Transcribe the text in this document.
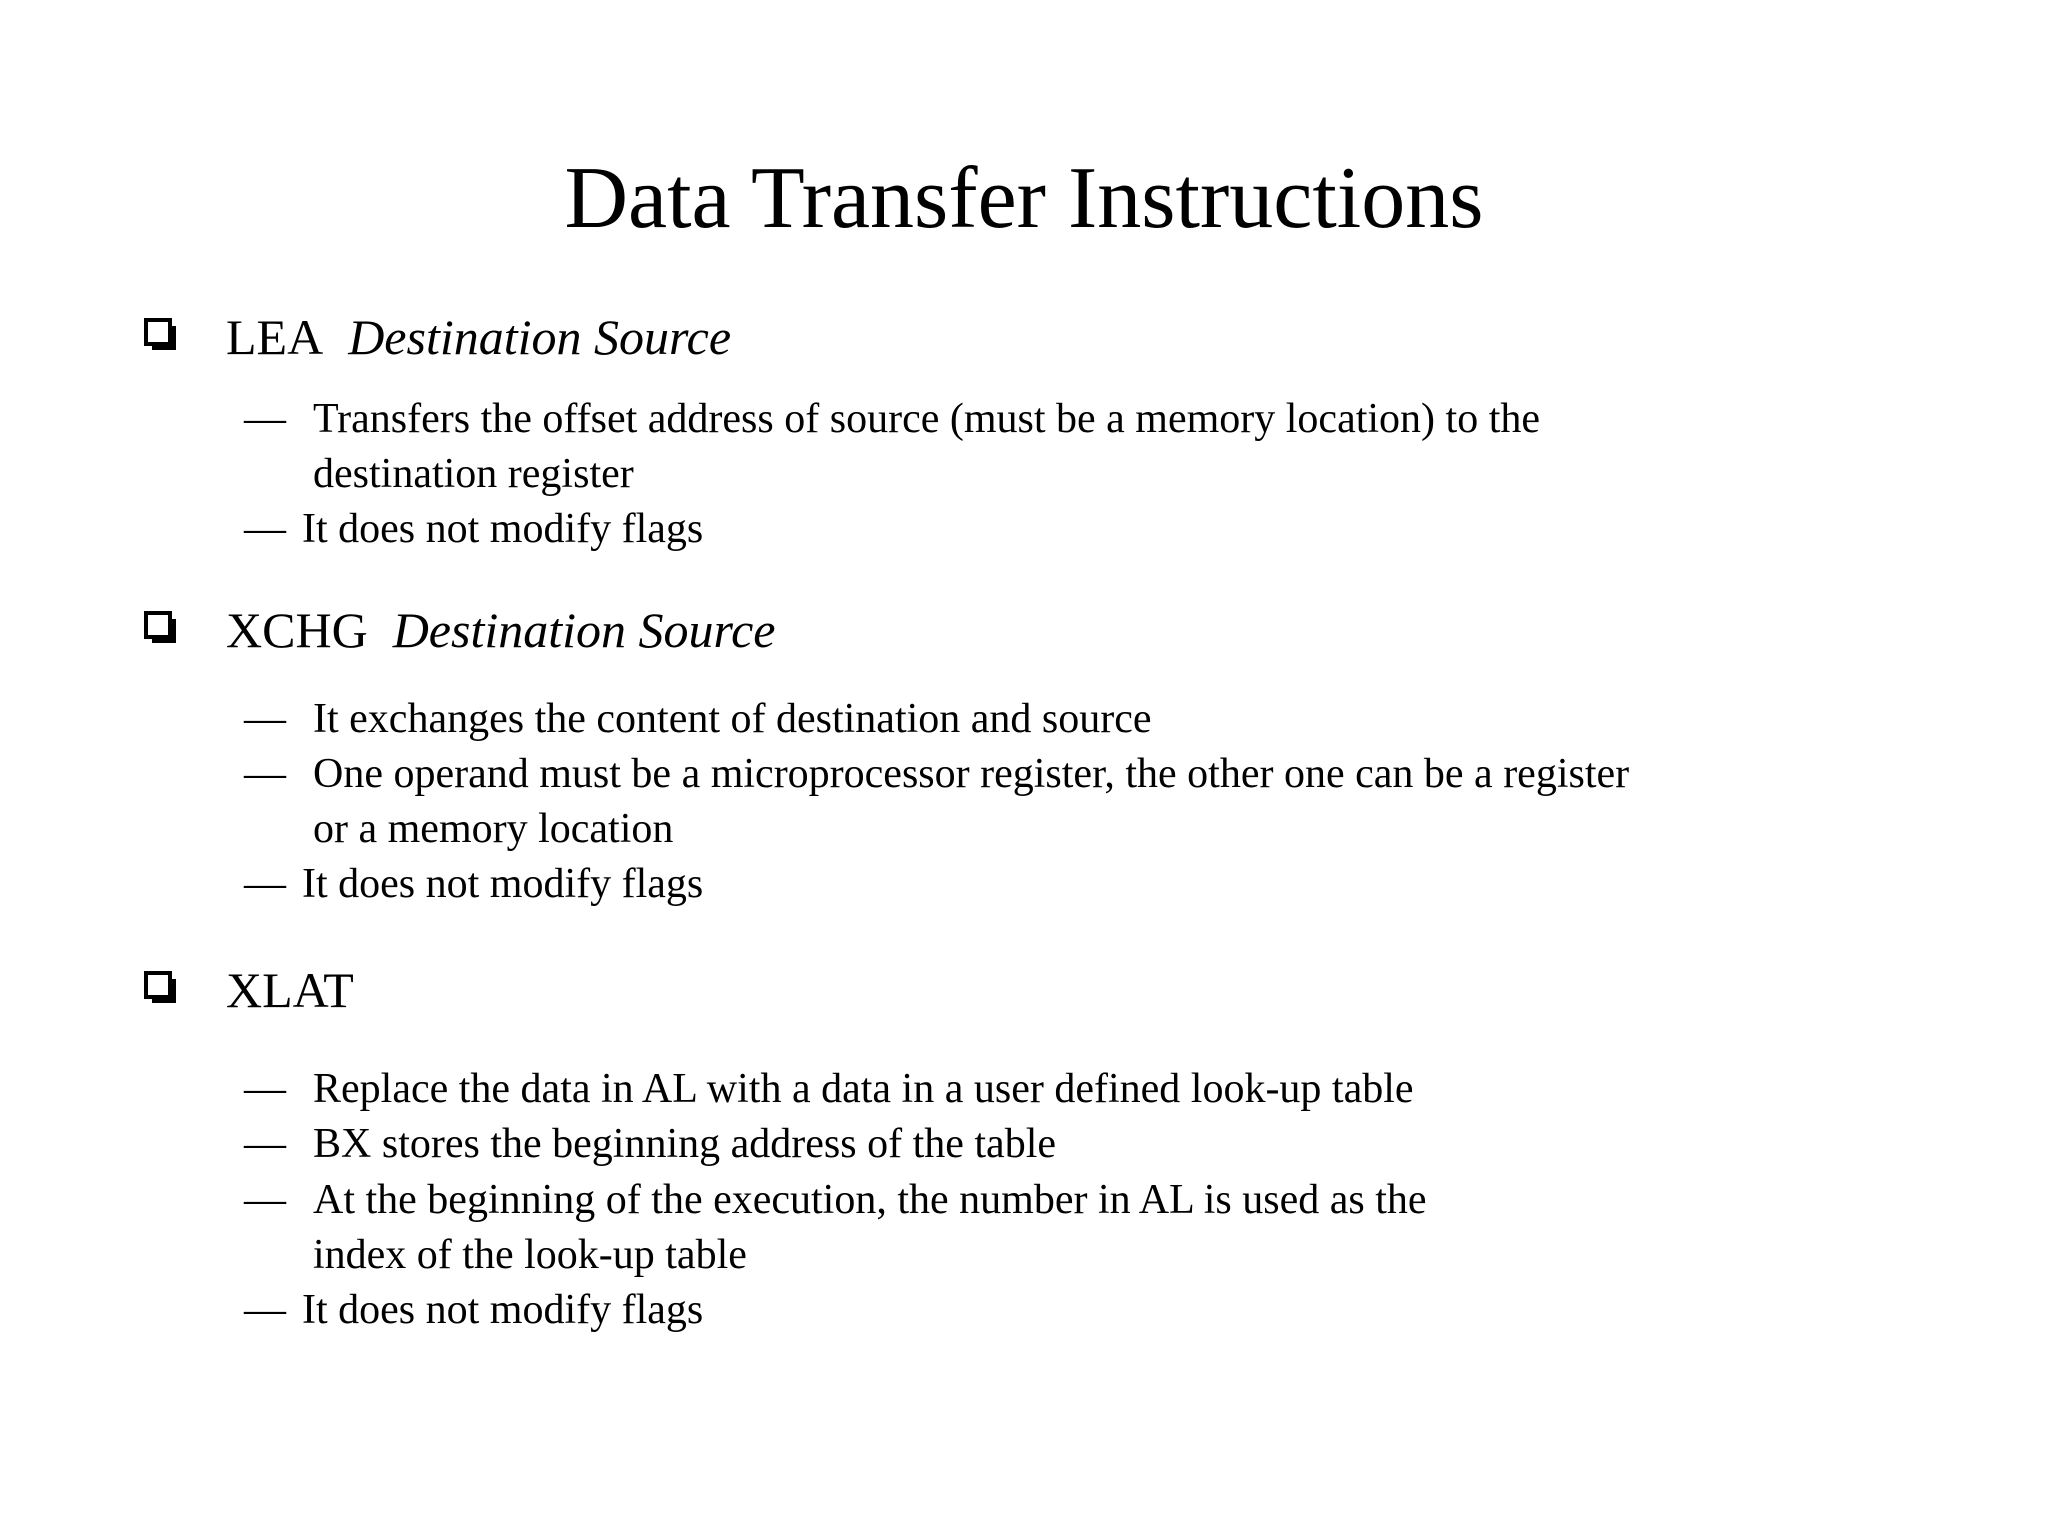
Data Transfer Instructions
LEA Destination Source
— Transfers the offset address of source (must be a memory location) to the
destination register
— It does not modify flags
XCHG Destination Source
— It exchanges the content of destination and source
— One operand must be a microprocessor register, the other one can be a register
or a memory location
— It does not modify flags
XLAT
— Replace the data in AL with a data in a user defined look-up table
— BX stores the beginning address of the table
— At the beginning of the execution, the number in AL is used as the
index of the look-up table
— It does not modify flags
